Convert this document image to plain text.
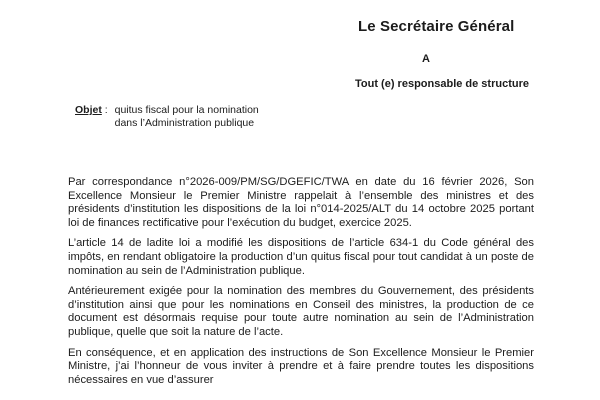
Le Secrétaire Général
A
Tout (e) responsable de structure
Objet : quitus fiscal pour la nomination
dans l’Administration publique

Par correspondance n°2026-009/PM/SG/DGEFIC/TWA en date du 16 février 2026, Son Excellence Monsieur le Premier Ministre rappelait à l’ensemble des ministres et des présidents d’institution les dispositions de la loi n°014-2025/ALT du 14 octobre 2025 portant loi de finances rectificative pour l’exécution du budget, exercice 2025.

L’article 14 de ladite loi a modifié les dispositions de l’article 634-1 du Code général des impôts, en rendant obligatoire la production d’un quitus fiscal pour tout candidat à un poste de nomination au sein de l’Administration publique.

Antérieurement exigée pour la nomination des membres du Gouvernement, des présidents d’institution ainsi que pour les nominations en Conseil des ministres, la production de ce document est désormais requise pour toute autre nomination au sein de l’Administration publique, quelle que soit la nature de l’acte.

En conséquence, et en application des instructions de Son Excellence Monsieur le Premier Ministre, j’ai l’honneur de vous inviter à prendre et à faire prendre toutes les dispositions nécessaires en vue d’assurer
